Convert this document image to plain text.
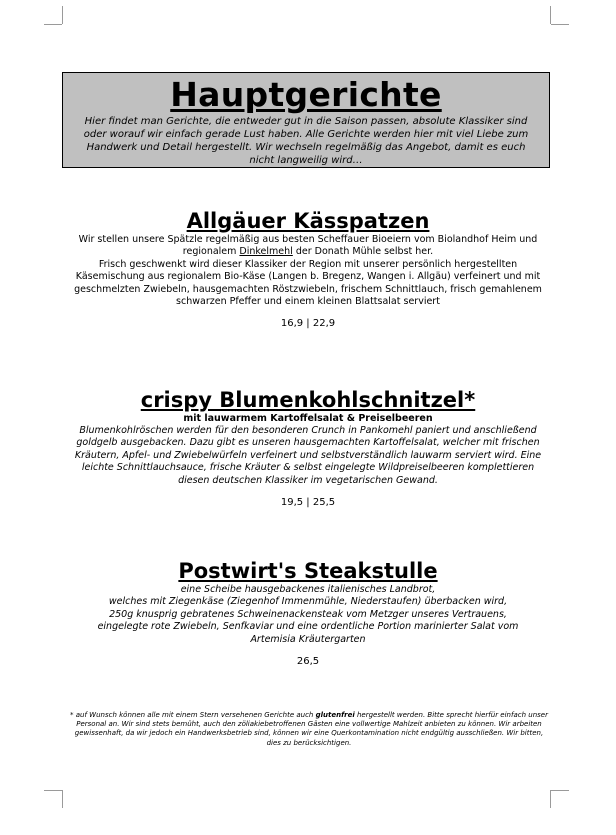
Hauptgerichte

Hier findet man Gerichte, die entweder gut in die Saison passen, absolute Klassiker sind oder worauf wir einfach gerade Lust haben. Alle Gerichte werden hier mit viel Liebe zum Handwerk und Detail hergestellt. Wir wechseln regelmäßig das Angebot, damit es euch nicht langweilig wird…

Allgäuer Kässpatzen

Wir stellen unsere Spätzle regelmäßig aus besten Scheffauer Bioeiern vom Biolandhof Heim und
regionalem Dinkelmehl der Donath Mühle selbst her.
Frisch geschwenkt wird dieser Klassiker der Region mit unserer persönlich hergestellten
Käsemischung aus regionalem Bio-Käse (Langen b. Bregenz, Wangen i. Allgäu) verfeinert und mit
geschmelzten Zwiebeln, hausgemachten Röstzwiebeln, frischem Schnittlauch, frisch gemahlenem
schwarzen Pfeffer und einem kleinen Blattsalat serviert

16,9 | 22,9
crispy Blumenkohlschnitzel*

mit lauwarmem Kartoffelsalat & Preiselbeeren

Blumenkohlröschen werden für den besonderen Crunch in Pankomehl paniert und anschließend
goldgelb ausgebacken. Dazu gibt es unseren hausgemachten Kartoffelsalat, welcher mit frischen
Kräutern, Apfel- und Zwiebelwürfeln verfeinert und selbstverständlich lauwarm serviert wird. Eine
leichte Schnittlauchsauce, frische Kräuter & selbst eingelegte Wildpreiselbeeren komplettieren
diesen deutschen Klassiker im vegetarischen Gewand.

19,5 | 25,5
Postwirt's Steakstulle

eine Scheibe hausgebackenes italienisches Landbrot,
welches mit Ziegenkäse (Ziegenhof Immenmühle, Niederstaufen) überbacken wird,
250g knusprig gebratenes Schweinenackensteak vom Metzger unseres Vertrauens,
eingelegte rote Zwiebeln, Senfkaviar und eine ordentliche Portion marinierter Salat vom
Artemisia Kräutergarten

26,5

* auf Wunsch können alle mit einem Stern versehenen Gerichte auch glutenfrei hergestellt werden. Bitte sprecht hierfür einfach unser Personal an. Wir sind stets bemüht, auch den zöliakiebetroffenen Gästen eine vollwertige Mahlzeit anbieten zu können. Wir arbeiten gewissenhaft, da wir jedoch ein Handwerksbetrieb sind, können wir eine Querkontamination nicht endgültig ausschließen. Wir bitten, dies zu berücksichtigen.
